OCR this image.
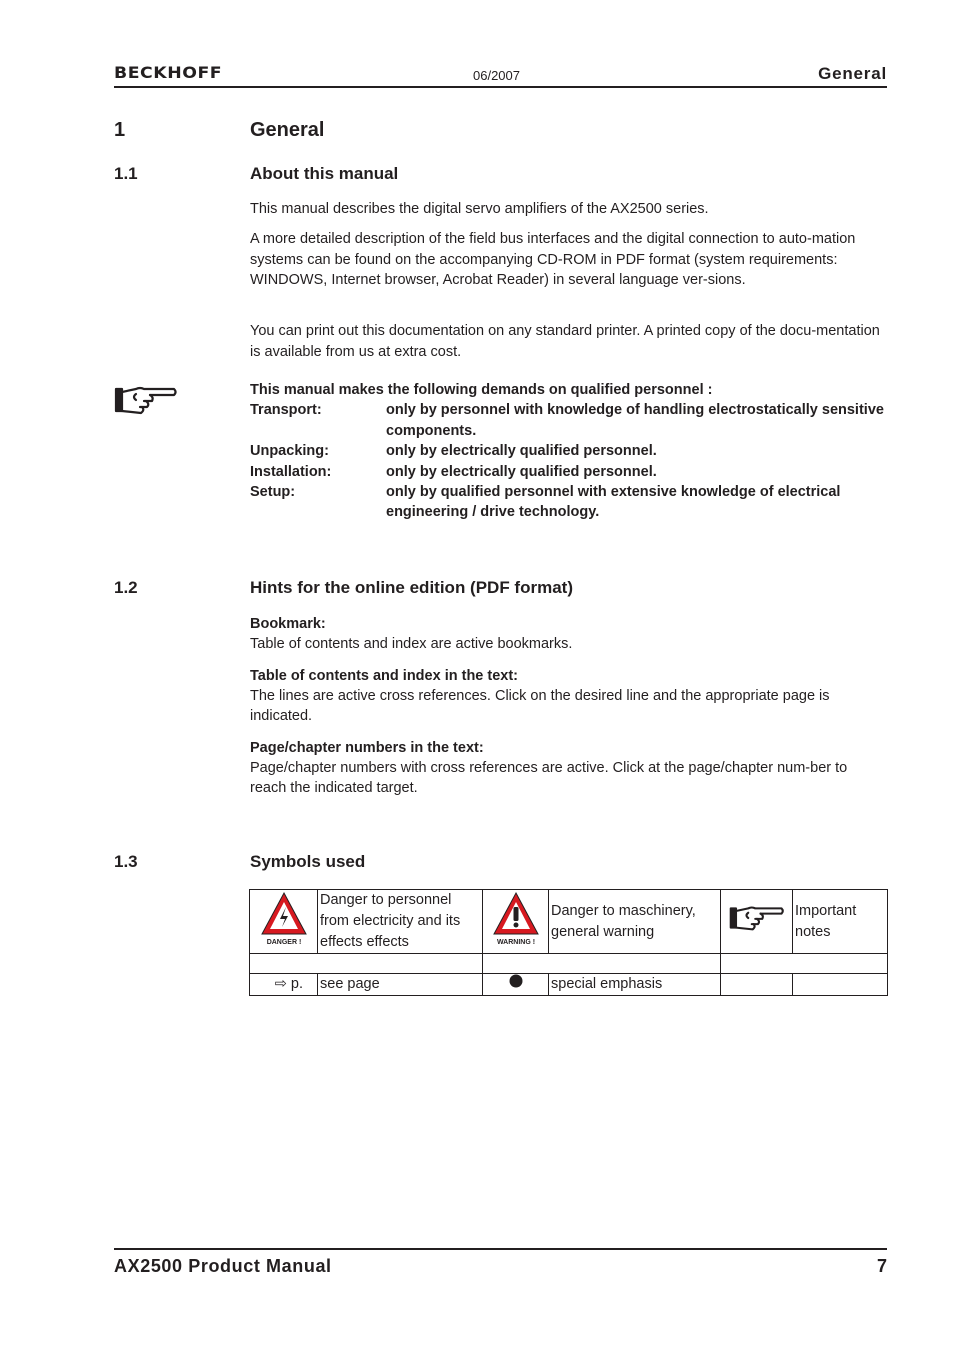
BECKHOFF	06/2007	General
1	General
1.1	About this manual

This manual describes the digital servo amplifiers of the AX2500 series.

A more detailed description of the field bus interfaces and the digital connection to auto-mation systems can be found on the accompanying CD-ROM in PDF format (system requirements: WINDOWS, Internet browser, Acrobat Reader) in several language ver-sions.

You can print out this documentation on any standard printer. A printed copy of the docu-mentation is available from us at extra cost.

This manual makes the following demands on qualified personnel :
Transport:	only by personnel with knowledge of handling electrostatically sensitive components.
Unpacking:	only by electrically qualified personnel.
Installation:	only by electrically qualified personnel.
Setup:	only by qualified personnel with extensive knowledge of electrical engineering / drive technology.
1.2	Hints for the online edition (PDF format)
Bookmark:
Table of contents and index are active bookmarks.
Table of contents and index in the text:
The lines are active cross references. Click on the desired line and the appropriate page is indicated.
Page/chapter numbers in the text:
Page/chapter numbers with cross references are active. Click at the page/chapter num-ber to reach the indicated target.
1.3	Symbols used
DANGER !	Danger to personnel from electricity and its effects effects	WARNING !	Danger to maschinery, general warning		Important notes

⇨ p.	see page		special emphasis		
AX2500 Product Manual	7
